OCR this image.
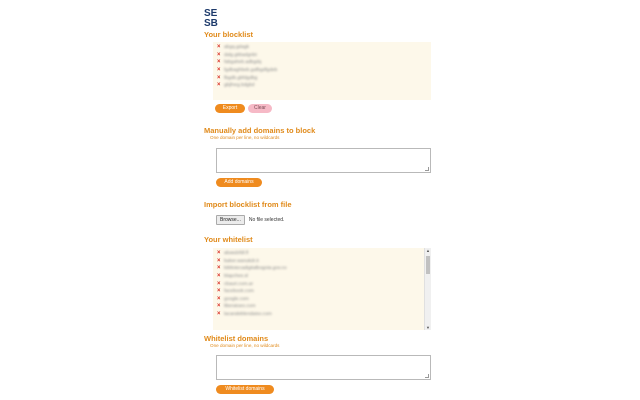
SE
SB
Your blocklist
× abgq.gdagk
× dalg.gkbadgnbt
× fabgaheb.adbgdq
× fgdbaghbeb.gafbgdfgdeb
× fbgdb.gbfdgdbg
× gbjfneg.bdgbd
Export	Clear
Manually add domains to block
One domain per line, no wildcards
Add domains
Import blocklist from file
Browse...	No file selected.
Your whitelist
× abasdzfdl.fl
× baker.wanukdr.it
× bibliotecadigitalbogota.gov.co
× blapches.sl
× cbauri.com.ar
× facebook.com
× google.com
× liberatoeo.com
× lacaraleblendaiso.com
▲
▼
Whitelist domains
One domain per line, no wildcards
Whitelist domains
